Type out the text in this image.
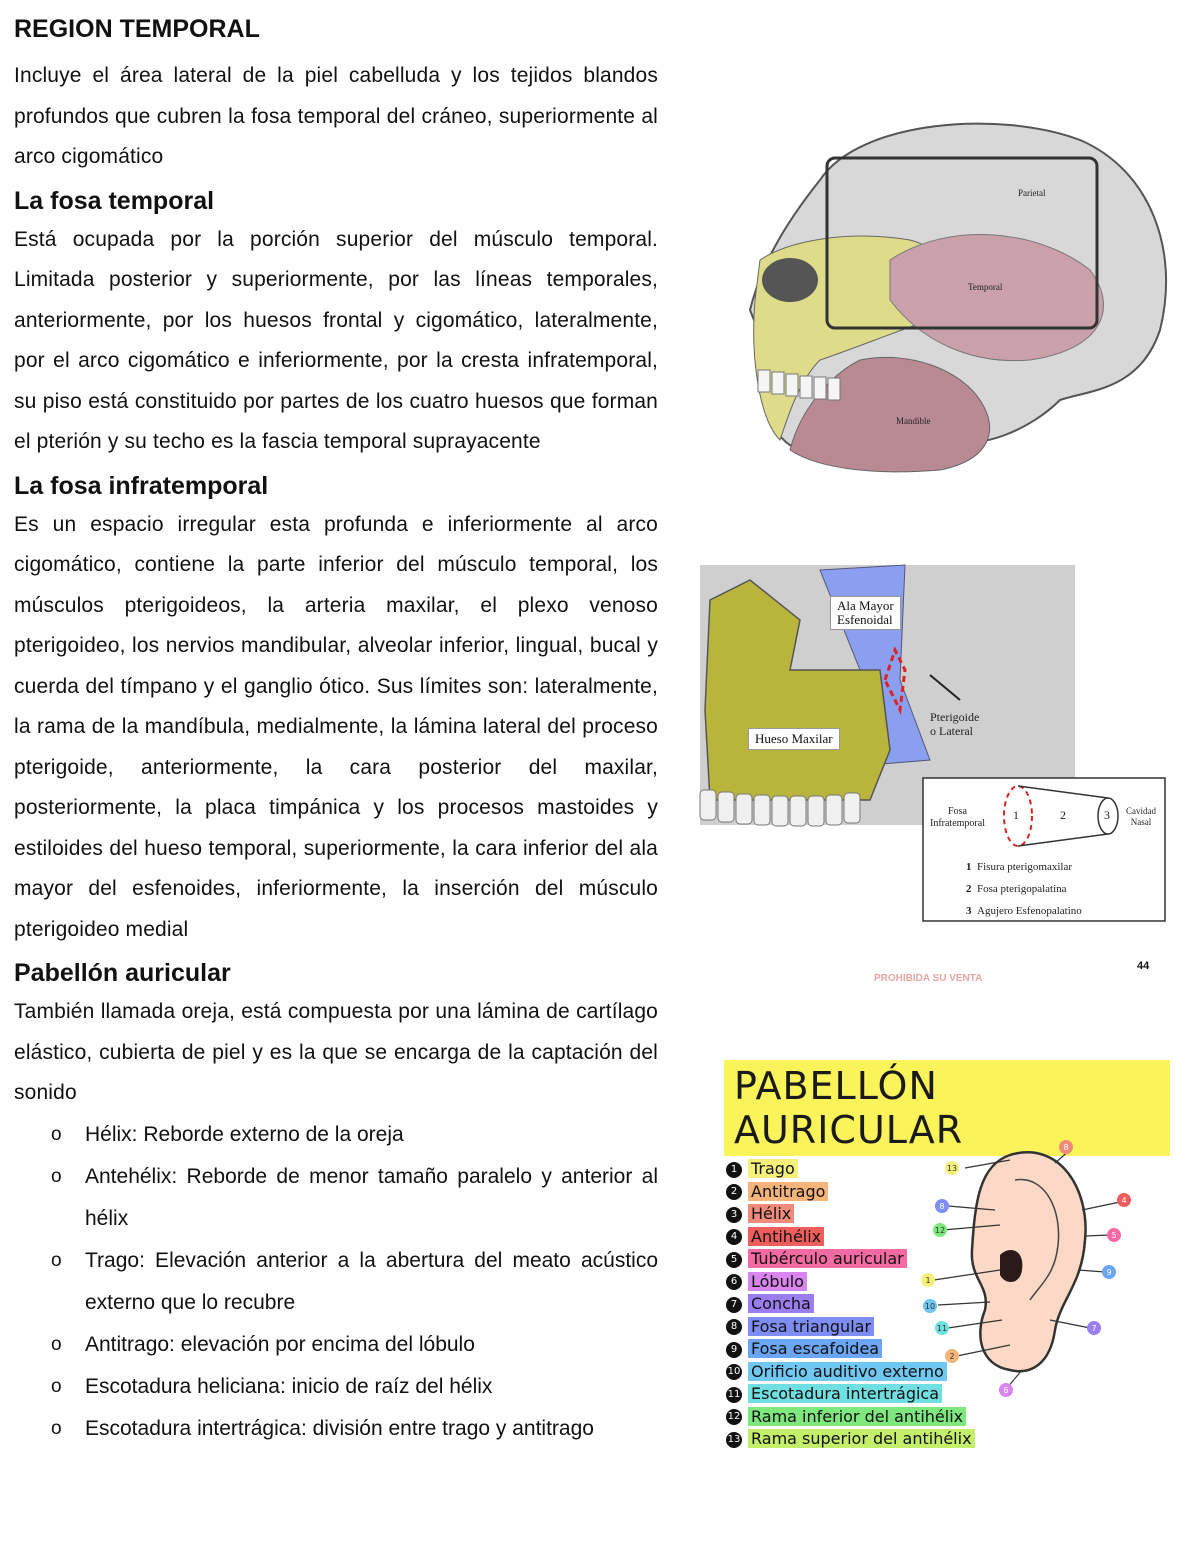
REGION TEMPORAL

Incluye el área lateral de la piel cabelluda y los tejidos blandos profundos que cubren la fosa temporal del cráneo, superiormente al arco cigomático

La fosa temporal

Está ocupada por la porción superior del músculo temporal. Limitada posterior y superiormente, por las líneas temporales, anteriormente, por los huesos frontal y cigomático, lateralmente, por el arco cigomático e inferiormente, por la cresta infratemporal, su piso está constituido por partes de los cuatro huesos que forman el pterión y su techo es la fascia temporal suprayacente

La fosa infratemporal

Es un espacio irregular esta profunda e inferiormente al arco cigomático, contiene la parte inferior del músculo temporal, los músculos pterigoideos, la arteria maxilar, el plexo venoso pterigoideo, los nervios mandibular, alveolar inferior, lingual, bucal y cuerda del tímpano y el ganglio ótico. Sus límites son: lateralmente, la rama de la mandíbula, medialmente, la lámina lateral del proceso pterigoide, anteriormente, la cara posterior del maxilar, posteriormente, la placa timpánica y los procesos mastoides y estiloides del hueso temporal, superiormente, la cara inferior del ala mayor del esfenoides, inferiormente, la inserción del músculo pterigoideo medial

Pabellón auricular

También llamada oreja, está compuesta por una lámina de cartílago elástico, cubierta de piel y es la que se encarga de la captación del sonido

o Hélix: Reborde externo de la oreja
o Antehélix: Reborde de menor tamaño paralelo y anterior al hélix
o Trago: Elevación anterior a la abertura del meato acústico externo que lo recubre
o Antitrago: elevación por encima del lóbulo
o Escotadura heliciana: inicio de raíz del hélix
o Escotadura intertrágica: división entre trago y antitrago
Parietal
Temporal
Mandible
Ala Mayor
Esfenoidal
Pterigoide
o Lateral
Hueso Maxilar
Fosa
Infratemporal
Cavidad
Nasal
1	2	3
1 Fisura pterigomaxilar
2 Fosa pterigopalatina
3 Agujero Esfenopalatino
44
PROHIBIDA SU VENTA
PABELLÓN AURICULAR
1 Trago
2 Antitrago
3 Hélix
4 Antihélix
5 Tubérculo auricular
6 Lóbulo
7 Concha
8 Fosa triangular
9 Fosa escafoidea
10 Orificio auditivo externo
11 Escotadura intertrágica
12 Rama inferior del antihélix
13 Rama superior del antihélix
8
13
8
12
1
10
11
2
4
5
9
7
6
